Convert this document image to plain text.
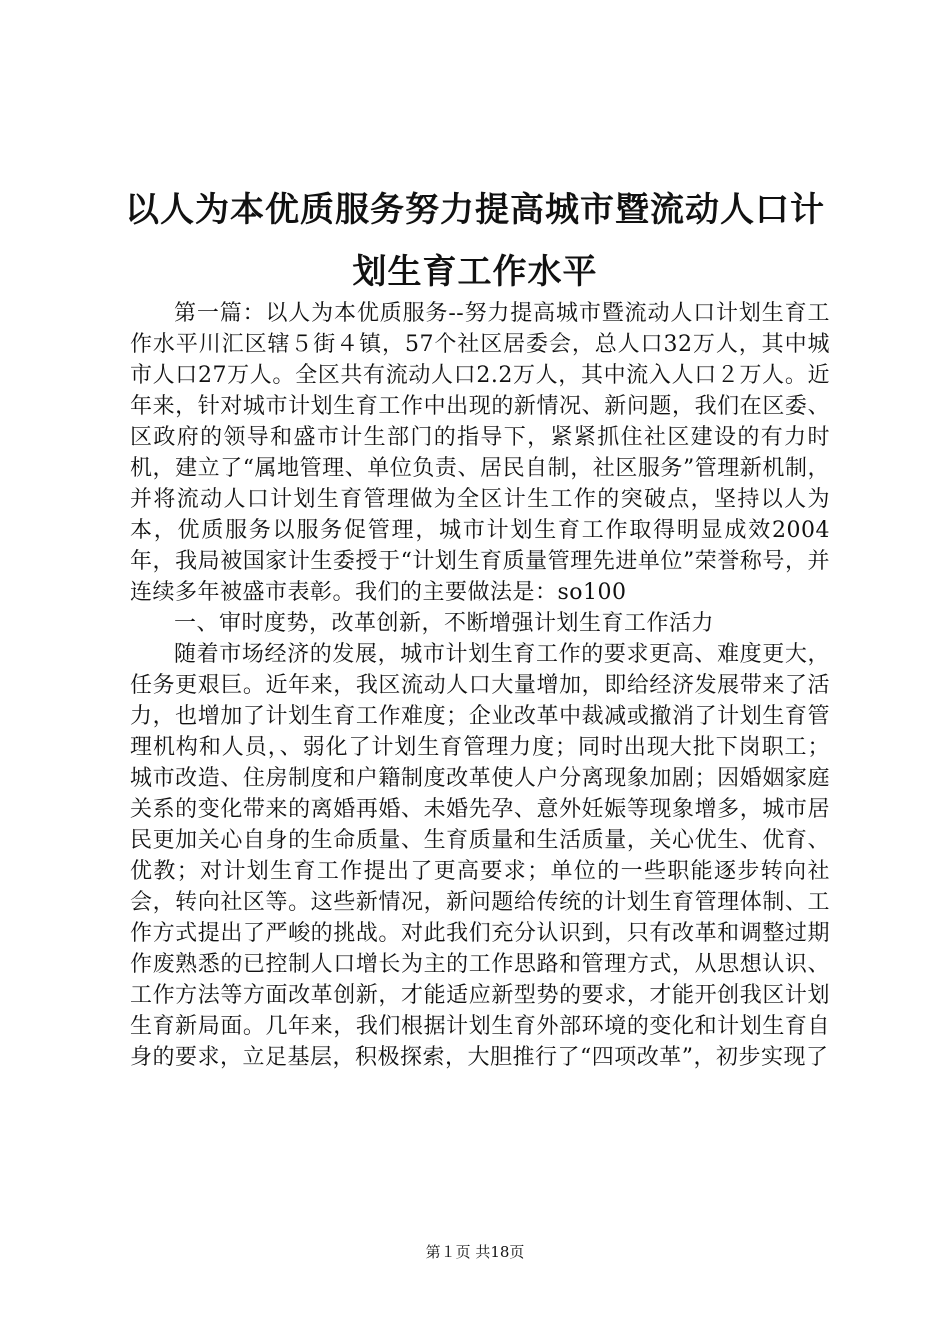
以人为本优质服务努力提高城市暨流动人口计
划生育工作水平

第一篇：以人为本优质服务--努力提高城市暨流动人口计划生育工作水平川汇区辖５街４镇，57个社区居委会，总人口32万人，其中城市人口27万人。全区共有流动人口2.2万人，其中流入人口２万人。近年来，针对城市计划生育工作中出现的新情况、新问题，我们在区委、区政府的领导和盛市计生部门的指导下，紧紧抓住社区建设的有力时机，建立了“属地管理、单位负责、居民自制，社区服务”管理新机制，并将流动人口计划生育管理做为全区计生工作的突破点，坚持以人为本，优质服务以服务促管理，城市计划生育工作取得明显成效2004年，我局被国家计生委授于“计划生育质量管理先进单位”荣誉称号，并连续多年被盛市表彰。我们的主要做法是：so100

一、审时度势，改革创新，不断增强计划生育工作活力

随着市场经济的发展，城市计划生育工作的要求更高、难度更大，任务更艰巨。近年来，我区流动人口大量增加，即给经济发展带来了活力，也增加了计划生育工作难度；企业改革中裁减或撤消了计划生育管理机构和人员，、弱化了计划生育管理力度；同时出现大批下岗职工；城市改造、住房制度和户籍制度改革使人户分离现象加剧；因婚姻家庭关系的变化带来的离婚再婚、未婚先孕、意外妊娠等现象增多，城市居民更加关心自身的生命质量、生育质量和生活质量，关心优生、优育、优教；对计划生育工作提出了更高要求；单位的一些职能逐步转向社会，转向社区等。这些新情况，新问题给传统的计划生育管理体制、工作方式提出了严峻的挑战。对此我们充分认识到，只有改革和调整过期作废熟悉的已控制人口增长为主的工作思路和管理方式，从思想认识、工作方法等方面改革创新，才能适应新型势的要求，才能开创我区计划生育新局面。几年来，我们根据计划生育外部环境的变化和计划生育自身的要求，立足基层，积极探索，大胆推行了“四项改革”，初步实现了

第１页 共18页
